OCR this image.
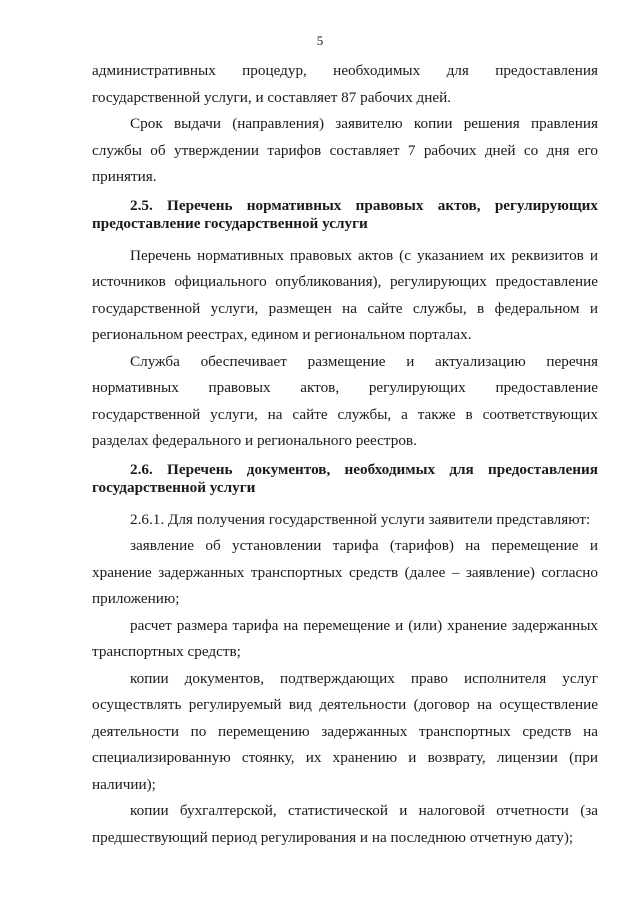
5

административных процедур, необходимых для предоставления государственной услуги, и составляет 87 рабочих дней.

Срок выдачи (направления) заявителю копии решения правления службы об утверждении тарифов составляет 7 рабочих дней со дня его принятия.

2.5. Перечень нормативных правовых актов, регулирующих предоставление государственной услуги

Перечень нормативных правовых актов (с указанием их реквизитов и источников официального опубликования), регулирующих предоставление государственной услуги, размещен на сайте службы, в федеральном и региональном реестрах, едином и региональном порталах.

Служба обеспечивает размещение и актуализацию перечня нормативных правовых актов, регулирующих предоставление государственной услуги, на сайте службы, а также в соответствующих разделах федерального и регионального реестров.

2.6. Перечень документов, необходимых для предоставления государственной услуги

2.6.1. Для получения государственной услуги заявители представляют:

заявление об установлении тарифа (тарифов) на перемещение и хранение задержанных транспортных средств (далее – заявление) согласно приложению;

расчет размера тарифа на перемещение и (или) хранение задержанных транспортных средств;

копии документов, подтверждающих право исполнителя услуг осуществлять регулируемый вид деятельности (договор на осуществление деятельности по перемещению задержанных транспортных средств на специализированную стоянку, их хранению и возврату, лицензии (при наличии);

копии бухгалтерской, статистической и налоговой отчетности (за предшествующий период регулирования и на последнюю отчетную дату);
